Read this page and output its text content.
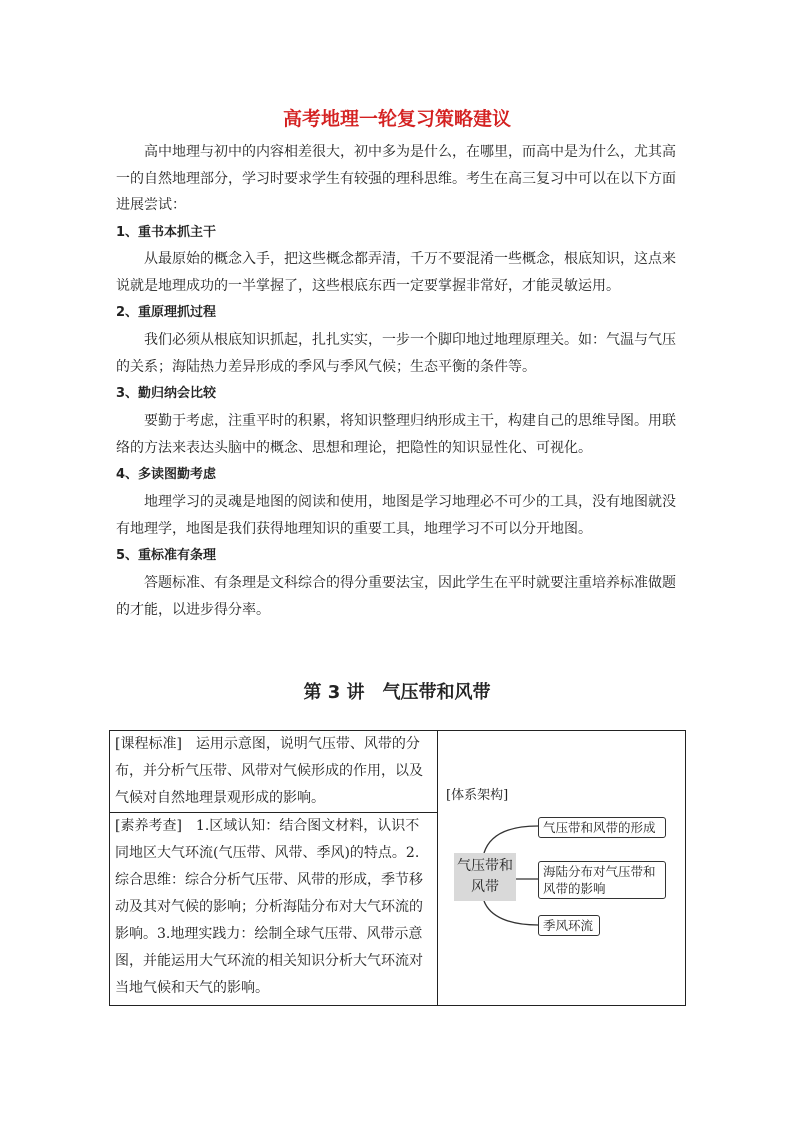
高考地理一轮复习策略建议

高中地理与初中的内容相差很大，初中多为是什么，在哪里，而高中是为什么，尤其高一的自然地理部分，学习时要求学生有较强的理科思维。考生在高三复习中可以在以下方面进展尝试：

1、重书本抓主干

从最原始的概念入手，把这些概念都弄清，千万不要混淆一些概念，根底知识，这点来说就是地理成功的一半掌握了，这些根底东西一定要掌握非常好，才能灵敏运用。

2、重原理抓过程

我们必须从根底知识抓起，扎扎实实，一步一个脚印地过地理原理关。如：气温与气压的关系；海陆热力差异形成的季风与季风气候；生态平衡的条件等。

3、勤归纳会比较

要勤于考虑，注重平时的积累，将知识整理归纳形成主干，构建自己的思维导图。用联络的方法来表达头脑中的概念、思想和理论，把隐性的知识显性化、可视化。

4、多读图勤考虑

地理学习的灵魂是地图的阅读和使用，地图是学习地理必不可少的工具，没有地图就没有地理学，地图是我们获得地理知识的重要工具，地理学习不可以分开地图。

5、重标准有条理

答题标准、有条理是文科综合的得分重要法宝，因此学生在平时就要注重培养标准做题的才能，以进步得分率。

第 3 讲　气压带和风带

[课程标准]　运用示意图，说明气压带、风带的分布，并分析气压带、风带对气候形成的作用，以及气候对自然地理景观形成的影响。	[体系架构]
气压带和风带
气压带和风带的形成
海陆分布对气压带和风带的影响
季风环流

[素养考查]　1.区域认知：结合图文材料，认识不同地区大气环流(气压带、风带、季风)的特点。2.综合思维：综合分析气压带、风带的形成，季节移动及其对气候的影响；分析海陆分布对大气环流的影响。3.地理实践力：绘制全球气压带、风带示意图，并能运用大气环流的相关知识分析大气环流对当地气候和天气的影响。
